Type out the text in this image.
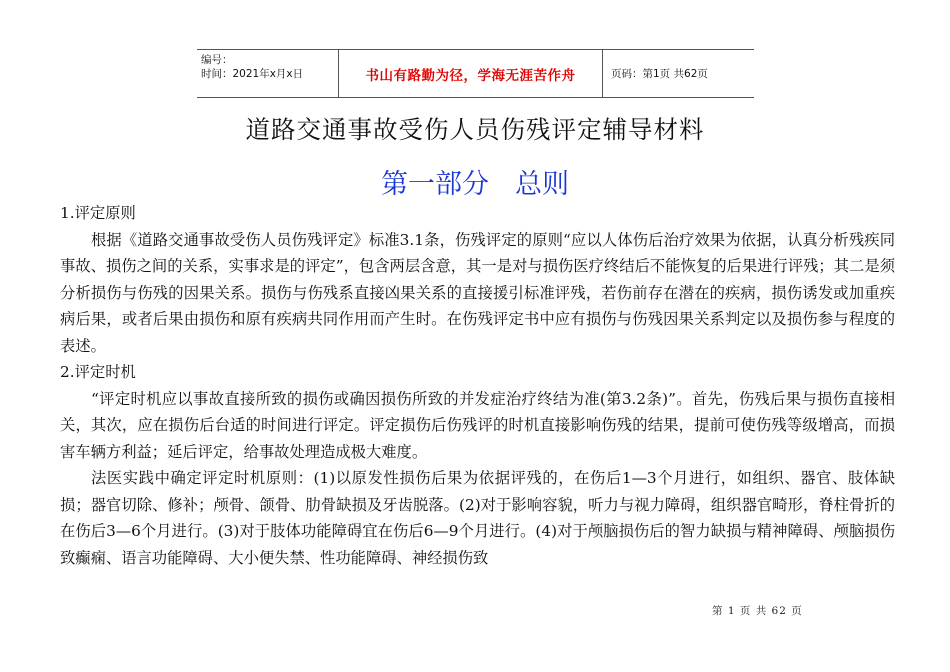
编号：
时间：2021年x月x日	书山有路勤为径，学海无涯苦作舟	页码：第1页 共62页
道路交通事故受伤人员伤残评定辅导材料
第一部分 总则

1.评定原则

根据《道路交通事故受伤人员伤残评定》标准3.1条，伤残评定的原则“应以人体伤后治疗效果为依据，认真分析残疾同事故、损伤之间的关系，实事求是的评定”，包含两层含意，其一是对与损伤医疗终结后不能恢复的后果进行评残；其二是须分析损伤与伤残的因果关系。损伤与伤残系直接凶果关系的直接援引标准评残，若伤前存在潜在的疾病，损伤诱发或加重疾病后果，或者后果由损伤和原有疾病共同作用而产生时。在伤残评定书中应有损伤与伤残因果关系判定以及损伤参与程度的表述。

2.评定时机

“评定时机应以事故直接所致的损伤或确因损伤所致的并发症治疗终结为准(第3.2条)”。首先，伤残后果与损伤直接相关，其次，应在损伤后台适的时间进行评定。评定损伤后伤残评的时机直接影响伤残的结果，提前可使伤残等级增高，而损害车辆方利益；延后评定，给事故处理造成极大难度。

法医实践中确定评定时机原则：(1)以原发性损伤后果为依据评残的，在伤后1—3个月进行，如组织、器官、肢体缺损；器官切除、修补；颅骨、颌骨、肋骨缺损及牙齿脱落。(2)对于影响容貌，听力与视力障碍，组织器官畸形，脊柱骨折的在伤后3—6个月进行。(3)对于肢体功能障碍宜在伤后6—9个月进行。(4)对于颅脑损伤后的智力缺损与精神障碍、颅脑损伤致癫痫、语言功能障碍、大小便失禁、性功能障碍、神经损伤致

第 1 页 共 62 页
